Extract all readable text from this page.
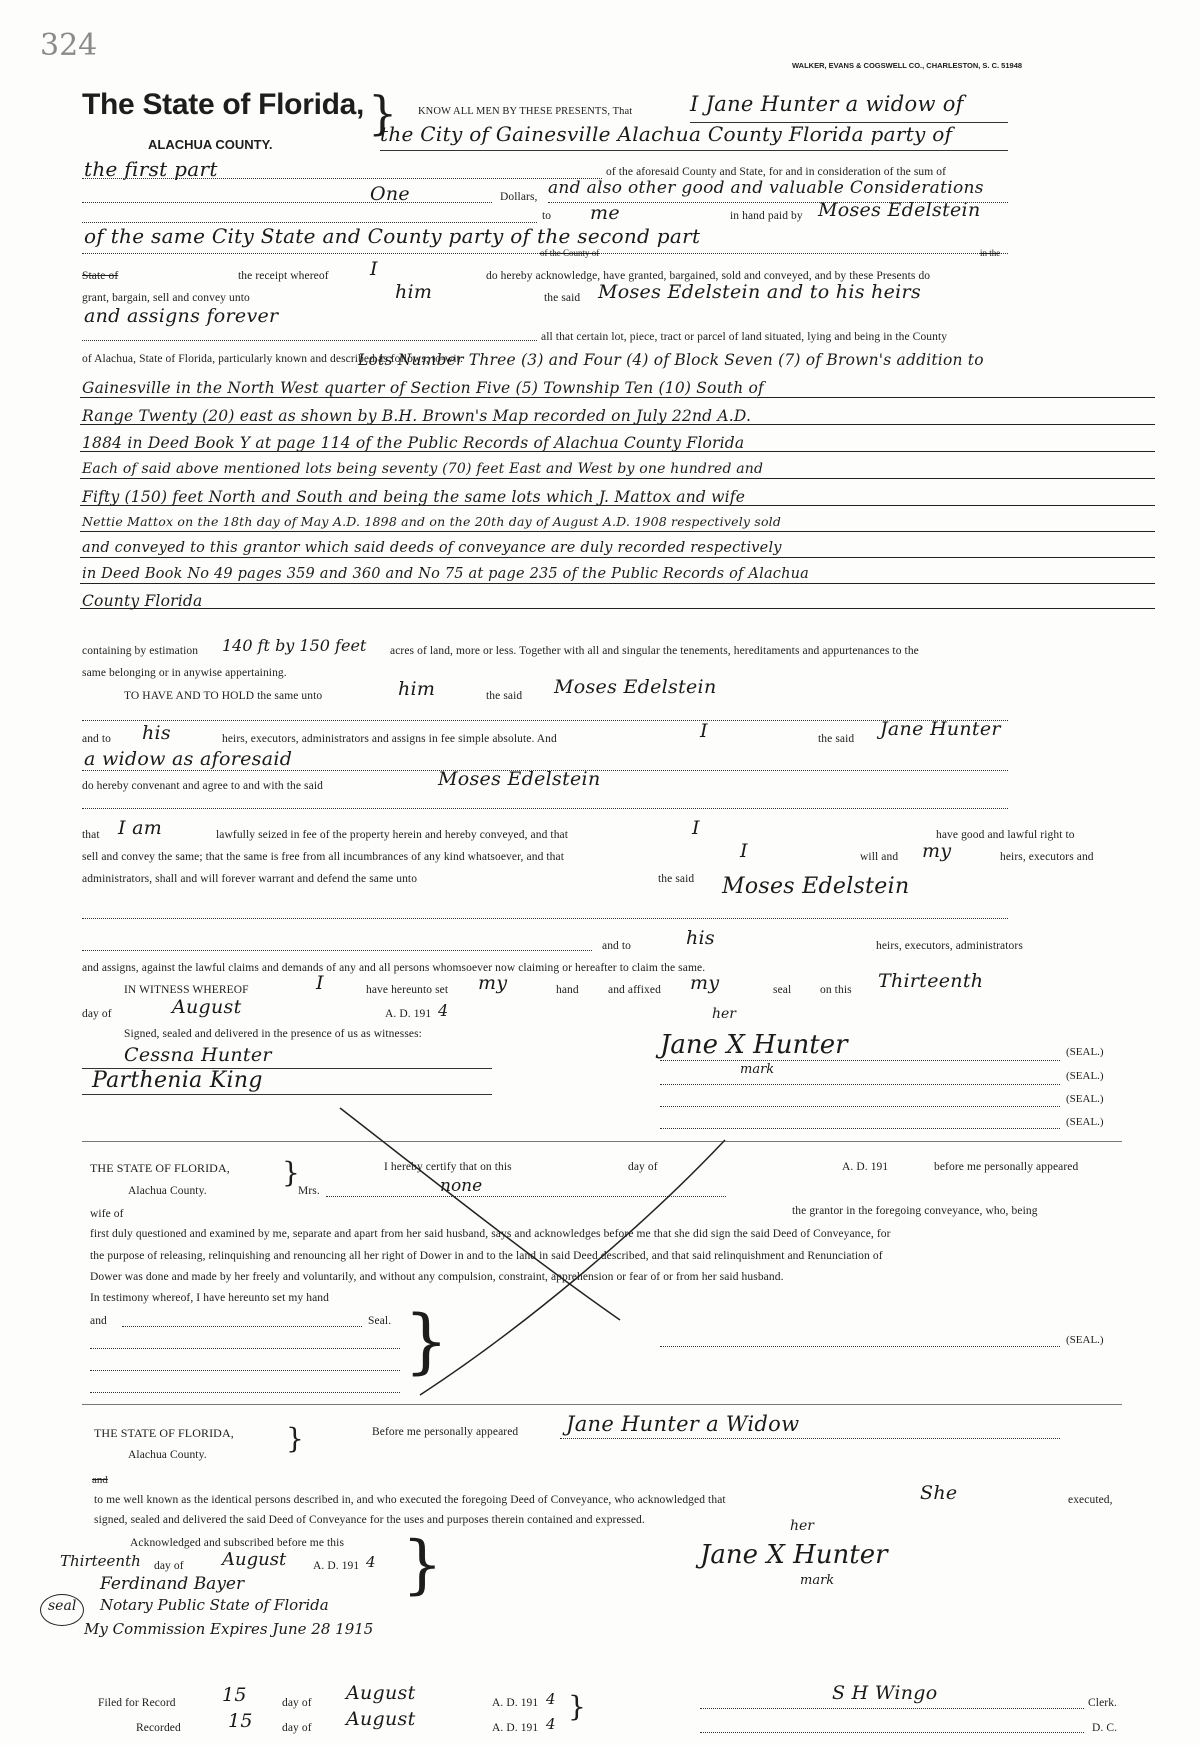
324
WALKER, EVANS & COGSWELL CO., CHARLESTON, S. C. 51948
The State of Florida,
ALACHUA COUNTY.
} KNOW ALL MEN BY THESE PRESENTS, That	I Jane Hunter a widow of
the City of Gainesville Alachua County Florida party of
the first part	of the aforesaid County and State, for and in consideration of the sum of
One	Dollars, and also other good and valuable Considerations
to me	in hand paid by Moses Edelstein
of the same City State and County party of the second part
of the County of	in the
State of	the receipt whereof I	do hereby acknowledge, have granted, bargained, sold and conveyed, and by these Presents do
grant, bargain, sell and convey unto	him	the said Moses Edelstein and to his heirs
and assigns forever
all that certain lot, piece, tract or parcel of land situated, lying and being in the County
of Alachua, State of Florida, particularly known and described as follows, to-wit:
Lots Number Three (3) and Four (4) of Block Seven (7) of Brown's addition to
Gainesville in the North West quarter of Section Five (5) Township Ten (10) South of
Range Twenty (20) east as shown by B.H. Brown's Map recorded on July 22nd A.D.
1884 in Deed Book Y at page 114 of the Public Records of Alachua County Florida
Each of said above mentioned lots being seventy (70) feet East and West by one hundred and
Fifty (150) feet North and South and being the same lots which J. Mattox and wife
Nettie Mattox on the 18th day of May A.D. 1898 and on the 20th day of August A.D. 1908 respectively sold
and conveyed to this grantor which said deeds of conveyance are duly recorded respectively
in Deed Book No 49 pages 359 and 360 and No 75 at page 235 of the Public Records of Alachua
County Florida
containing by estimation 140 ft by 150 feet acres of land, more or less. Together with all and singular the tenements, hereditaments and appurtenances to the
same belonging or in anywise appertaining.
TO HAVE AND TO HOLD the same unto	him	the said Moses Edelstein
and to his	heirs, executors, administrators and assigns in fee simple absolute. And	I	the said Jane Hunter
a widow as aforesaid
do hereby convenant and agree to and with the said	Moses Edelstein
that I am	lawfully seized in fee of the property herein and hereby conveyed, and that	I	have good and lawful right to
sell and convey the same; that the same is free from all incumbrances of any kind whatsoever, and that	I	will and my	heirs, executors and
administrators, shall and will forever warrant and defend the same unto	the said Moses Edelstein
and to	his	heirs, executors, administrators
and assigns, against the lawful claims and demands of any and all persons whomsoever now claiming or hereafter to claim the same.
IN WITNESS WHEREOF	I	have hereunto set my	hand	and affixed my	seal on this Thirteenth
day of	August	A. D. 191 4
Signed, sealed and delivered in the presence of us as witnesses:
Cessna Hunter
Parthenia King
her
Jane X Hunter
mark
(SEAL.)
(SEAL.)
(SEAL.)
(SEAL.)
THE STATE OF FLORIDA,
Alachua County.
}
Mrs.
I hereby certify that on this	day of	A. D. 191	before me personally appeared
none
wife of	the grantor in the foregoing conveyance, who, being
first duly questioned and examined by me, separate and apart from her said husband, says and acknowledges before me that she did sign the said Deed of Conveyance, for
the purpose of releasing, relinquishing and renouncing all her right of Dower in and to the land in said Deed described, and that said relinquishment and Renunciation of
Dower was done and made by her freely and voluntarily, and without any compulsion, constraint, apprehension or fear of or from her said husband.
In testimony whereof, I have hereunto set my hand
and	Seal. }	(SEAL.)
THE STATE OF FLORIDA,
Alachua County.	}	Before me personally appeared Jane Hunter a Widow
and
to me well known as the identical persons described in, and who executed the foregoing Deed of Conveyance, who acknowledged that	She	executed,
signed, sealed and delivered the said Deed of Conveyance for the uses and purposes therein contained and expressed.
Acknowledged and subscribed before me this
Thirteenth day of August A. D. 191 4
Ferdinand Bayer
Notary Public State of Florida
My Commission Expires June 28 1915
seal
}
her
Jane X Hunter
mark
Filed for Record 15	day of August	A. D. 191 4
Recorded 15	day of August	A. D. 191 4
}	S H Wingo	Clerk.
D. C.
